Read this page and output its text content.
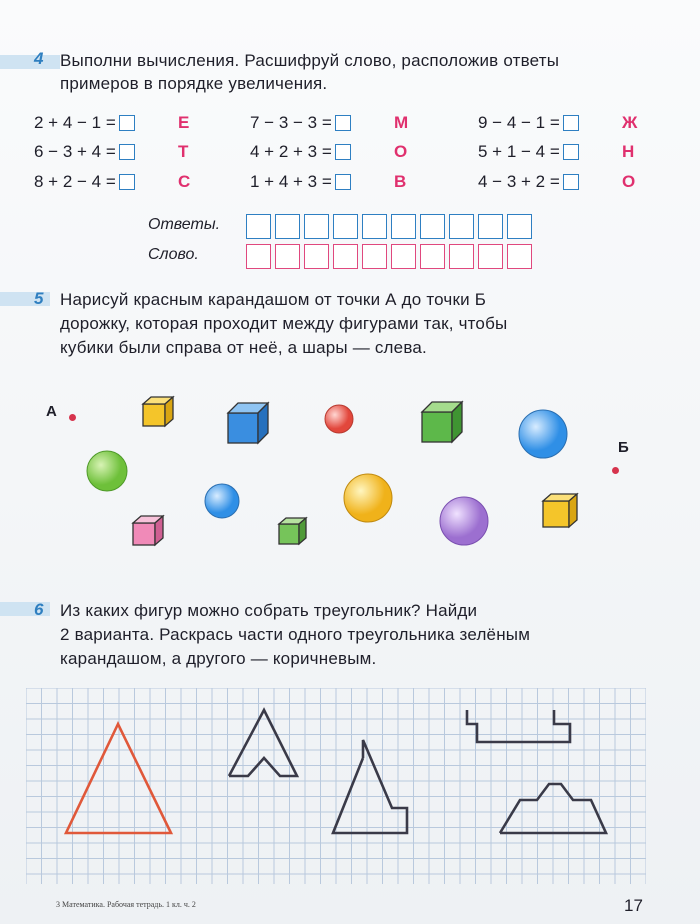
4 Выполни вычисления. Расшифруй слово, расположив ответы
примеров в порядке увеличения.
2 + 4 − 1 =	Е	7 − 3 − 3 =	М	9 − 4 − 1 =	Ж
6 − 3 + 4 =	Т	4 + 2 + 3 =	О	5 + 1 − 4 =	Н
8 + 2 − 4 =	С	1 + 4 + 3 =	В	4 − 3 + 2 =	О
Ответы.
Слово.
5 Нарисуй красным карандашом от точки А до точки Б
дорожку, которая проходит между фигурами так, чтобы
кубики были справа от неё, а шары — слева.
А
Б
6 Из каких фигур можно собрать треугольник? Найди
2 варианта. Раскрась части одного треугольника зелёным
карандашом, а другого — коричневым.
3 Математика. Рабочая тетрадь. 1 кл. ч. 2	17
